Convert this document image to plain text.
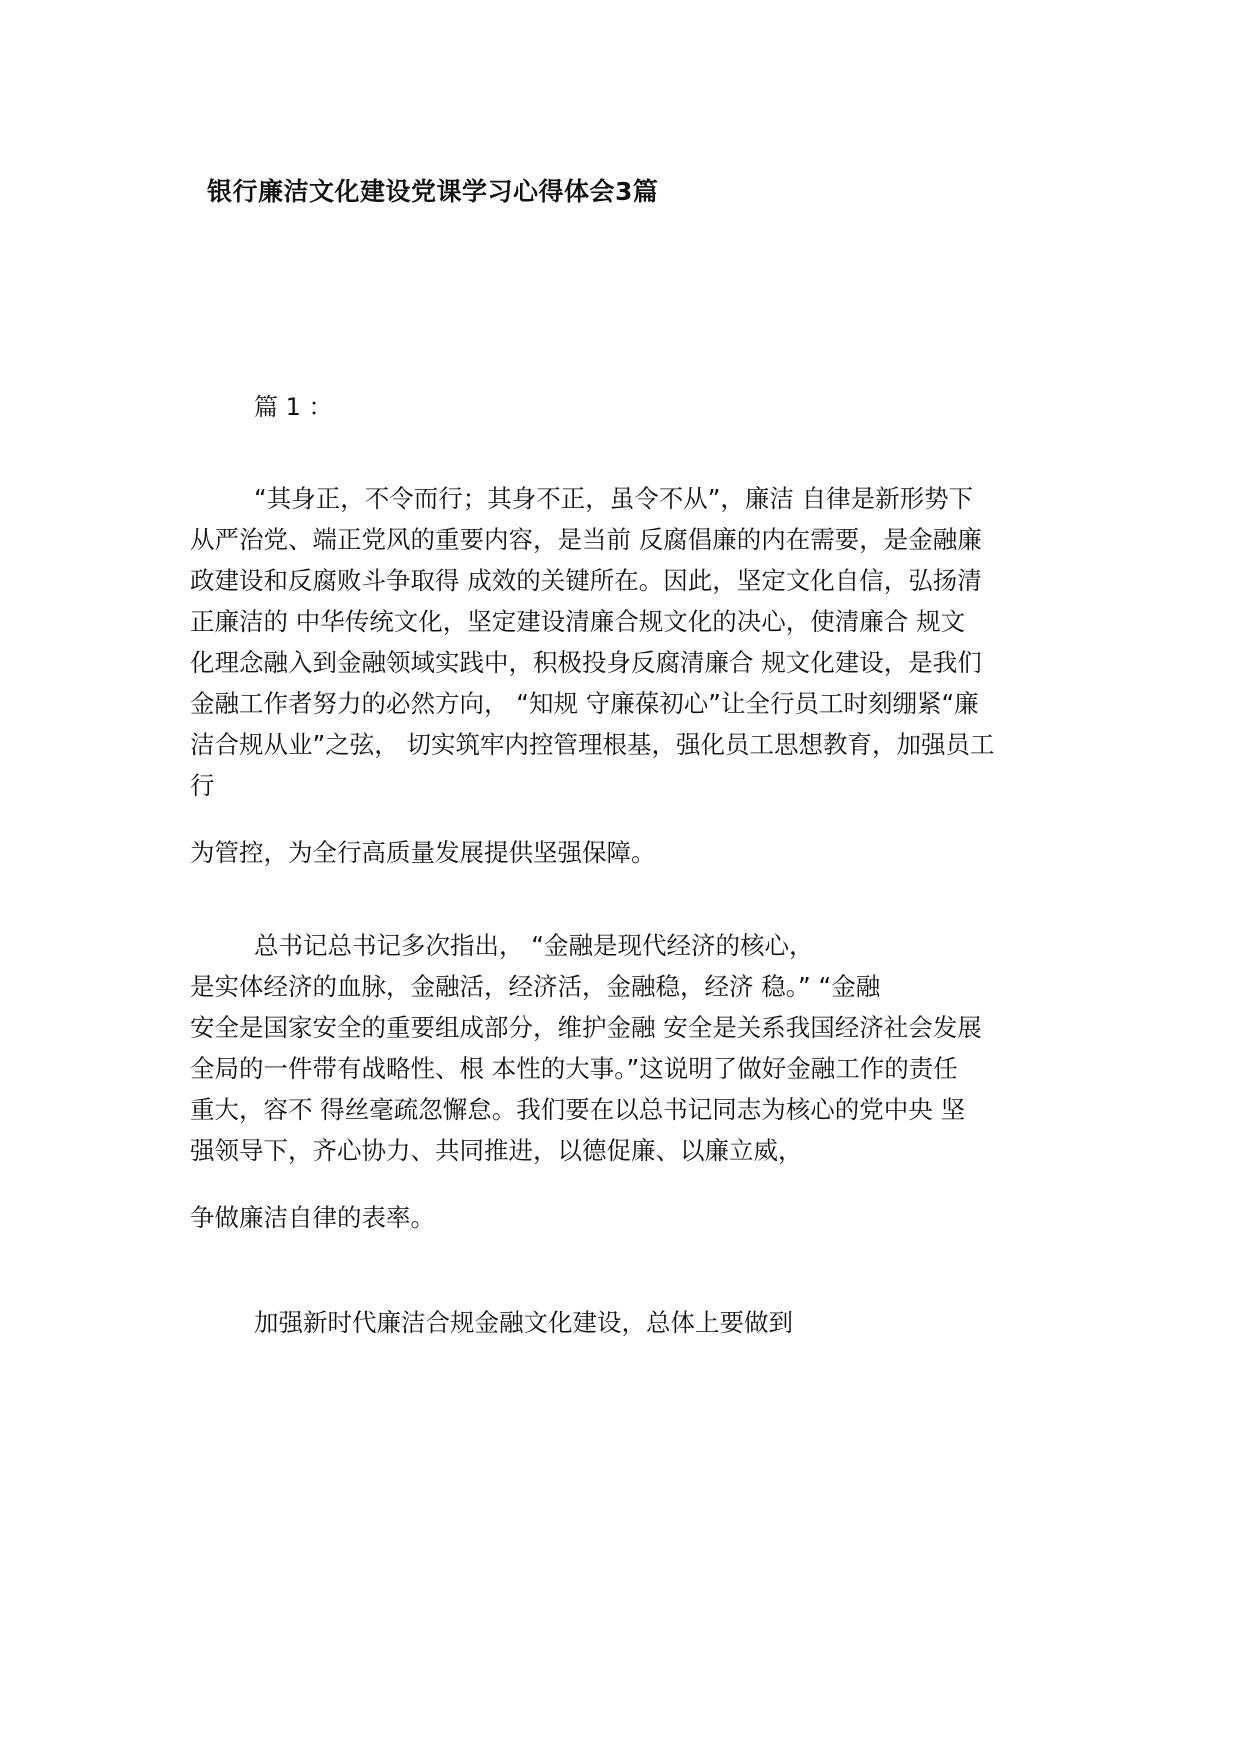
银行廉洁文化建设党课学习心得体会3篇
篇 1 ：
“其身正，不令而行；其身不正，虽令不从”，廉洁 自律是新形势下
从严治党、端正党风的重要内容，是当前 反腐倡廉的内在需要，是金融廉
政建设和反腐败斗争取得 成效的关键所在。因此，坚定文化自信，弘扬清
正廉洁的 中华传统文化，坚定建设清廉合规文化的决心，使清廉合 规文
化理念融入到金融领域实践中，积极投身反腐清廉合 规文化建设，是我们
金融工作者努力的必然方向， “知规 守廉葆初心”让全行员工时刻绷紧“廉
洁合规从业”之弦， 切实筑牢内控管理根基，强化员工思想教育，加强员工
行
为管控，为全行高质量发展提供坚强保障。
总书记总书记多次指出， “金融是现代经济的核心，
是实体经济的血脉，金融活，经济活，金融稳，经济 稳。” “金融
安全是国家安全的重要组成部分，维护金融 安全是关系我国经济社会发展
全局的一件带有战略性、根 本性的大事。”这说明了做好金融工作的责任
重大，容不 得丝毫疏忽懈怠。我们要在以总书记同志为核心的党中央 坚
强领导下，齐心协力、共同推进，以德促廉、以廉立威，
争做廉洁自律的表率。
加强新时代廉洁合规金融文化建设，总体上要做到
